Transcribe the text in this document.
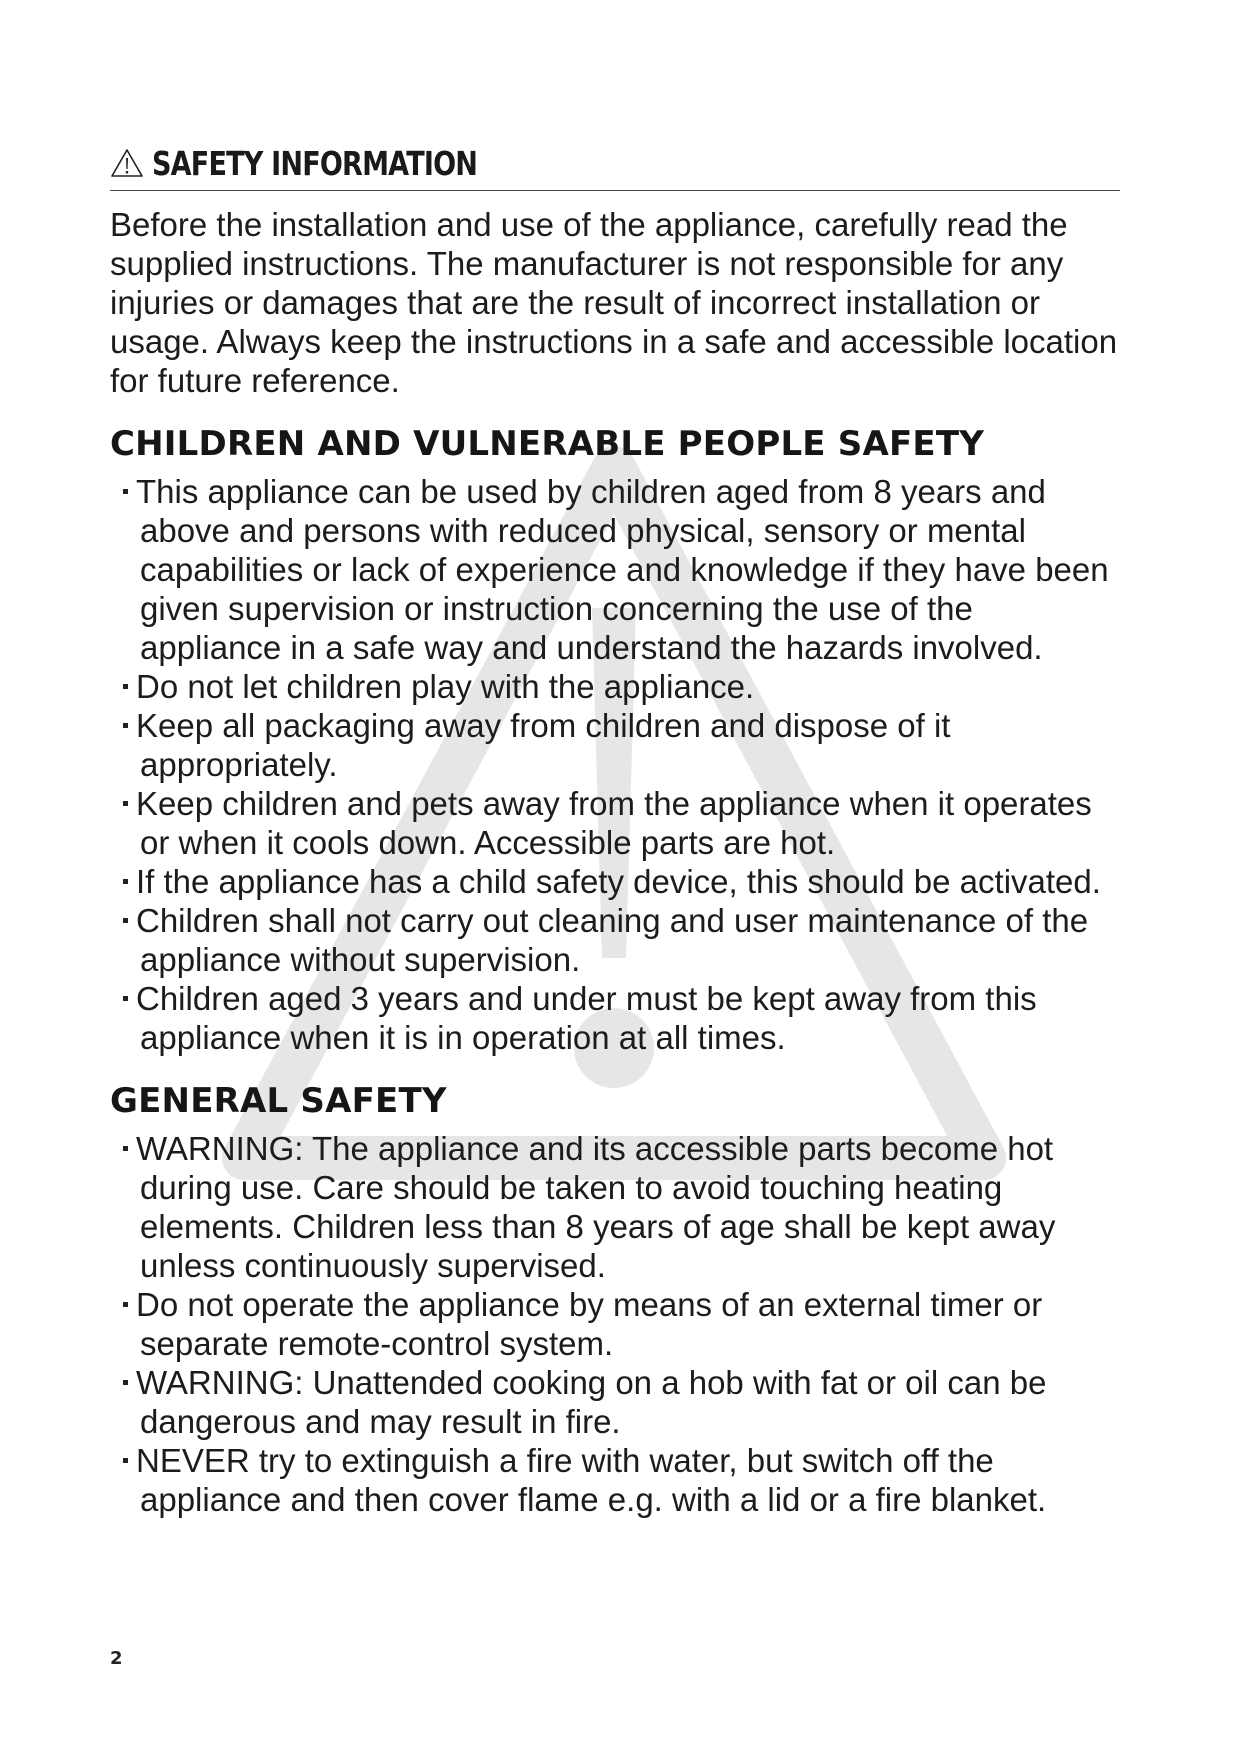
SAFETY INFORMATION

Before the installation and use of the appliance, carefully read the supplied instructions. The manufacturer is not responsible for any injuries or damages that are the result of incorrect installation or usage. Always keep the instructions in a safe and accessible location for future reference.

CHILDREN AND VULNERABLE PEOPLE SAFETY
This appliance can be used by children aged from 8 years and above and persons with reduced physical, sensory or mental capabilities or lack of experience and knowledge if they have been given supervision or instruction concerning the use of the appliance in a safe way and understand the hazards involved.
Do not let children play with the appliance.
Keep all packaging away from children and dispose of it appropriately.
Keep children and pets away from the appliance when it operates or when it cools down. Accessible parts are hot.
If the appliance has a child safety device, this should be activated.
Children shall not carry out cleaning and user maintenance of the appliance without supervision.
Children aged 3 years and under must be kept away from this appliance when it is in operation at all times.
GENERAL SAFETY
WARNING: The appliance and its accessible parts become hot during use. Care should be taken to avoid touching heating elements. Children less than 8 years of age shall be kept away unless continuously supervised.
Do not operate the appliance by means of an external timer or separate remote-control system.
WARNING: Unattended cooking on a hob with fat or oil can be dangerous and may result in fire.
NEVER try to extinguish a fire with water, but switch off the appliance and then cover flame e.g. with a lid or a fire blanket.
2
